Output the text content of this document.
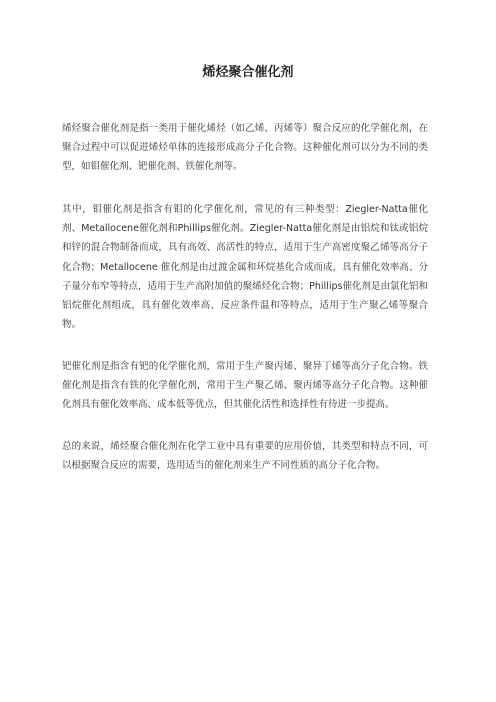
烯烃聚合催化剂

烯烃聚合催化剂是指一类用于催化烯烃（如乙烯、丙烯等）聚合反应的化学催化剂，在聚合过程中可以促进烯烃单体的连接形成高分子化合物。这种催化剂可以分为不同的类型，如钼催化剂、钯催化剂、铁催化剂等。

其中，钼催化剂是指含有钼的化学催化剂，常见的有三种类型：Ziegler-Natta催化剂、Metallocene催化剂和Phillips催化剂。Ziegler-Natta催化剂是由铝烷和钛或铝烷和锌的混合物制备而成，具有高效、高活性的特点，适用于生产高密度聚乙烯等高分子化合物；Metallocene 催化剂是由过渡金属和环烷基化合成而成，具有催化效率高、分子量分布窄等特点，适用于生产高附加值的聚烯烃化合物；Phillips催化剂是由氯化铝和铝烷催化剂组成，具有催化效率高、反应条件温和等特点，适用于生产聚乙烯等聚合物。

钯催化剂是指含有钯的化学催化剂，常用于生产聚丙烯、聚异丁烯等高分子化合物。铁催化剂是指含有铁的化学催化剂，常用于生产聚乙烯、聚丙烯等高分子化合物。这种催化剂具有催化效率高、成本低等优点，但其催化活性和选择性有待进一步提高。

总的来说，烯烃聚合催化剂在化学工业中具有重要的应用价值，其类型和特点不同，可以根据聚合反应的需要，选用适当的催化剂来生产不同性质的高分子化合物。
